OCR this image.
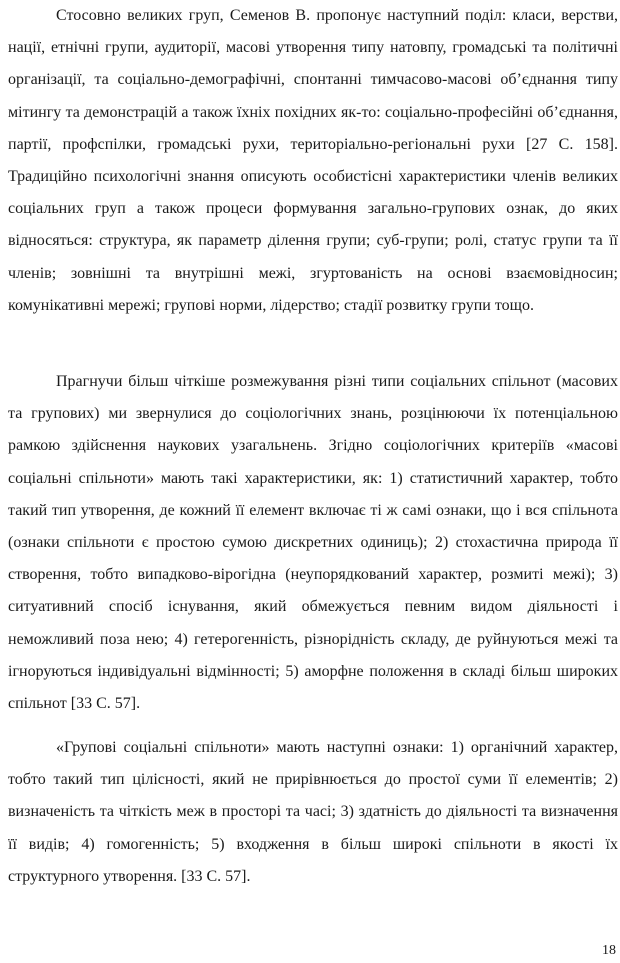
Стосовно великих груп, Семенов В. пропонує наступний поділ: класи, верстви, нації, етнічні групи, аудиторії, масові утворення типу натовпу, громадські та політичні організації, та соціально-демографічні, спонтанні тимчасово-масові об’єднання типу мітингу та демонстрацій а також їхніх похідних як-то: соціально-професійні об’єднання, партії, профспілки, громадські рухи, територіально-регіональні рухи [27 С. 158]. Традиційно психологічні знання описують особистісні характеристики членів великих соціальних груп а також процеси формування загально-групових ознак, до яких відносяться: структура, як параметр ділення групи; суб-групи; ролі, статус групи та її членів; зовнішні та внутрішні межі, згуртованість на основі взаємовідносин; комунікативні мережі; групові норми, лідерство; стадії розвитку групи тощо.

Прагнучи більш чіткіше розмежування різні типи соціальних спільнот (масових та групових) ми звернулися до соціологічних знань, розцінюючи їх потенціальною рамкою здійснення наукових узагальнень. Згідно соціологічних критеріїв «масові соціальні спільноти» мають такі характеристики, як: 1) статистичний характер, тобто такий тип утворення, де кожний її елемент включає ті ж самі ознаки, що і вся спільнота (ознаки спільноти є простою сумою дискретних одиниць); 2) стохастична природа її створення, тобто випадково-вірогідна (неупорядкований характер, розмиті межі); 3) ситуативний спосіб існування, який обмежується певним видом діяльності і неможливий поза нею; 4) гетерогенність, різнорідність складу, де руйнуються межі та ігноруються індивідуальні відмінності; 5) аморфне положення в складі більш широких спільнот [33 С. 57].

«Групові соціальні спільноти» мають наступні ознаки: 1) органічний характер, тобто такий тип цілісності, який не прирівнюється до простої суми її елементів; 2) визначеність та чіткість меж в просторі та часі; 3) здатність до діяльності та визначення її видів; 4) гомогенність; 5) входження в більш широкі спільноти в якості їх структурного утворення. [33 С. 57].

18
